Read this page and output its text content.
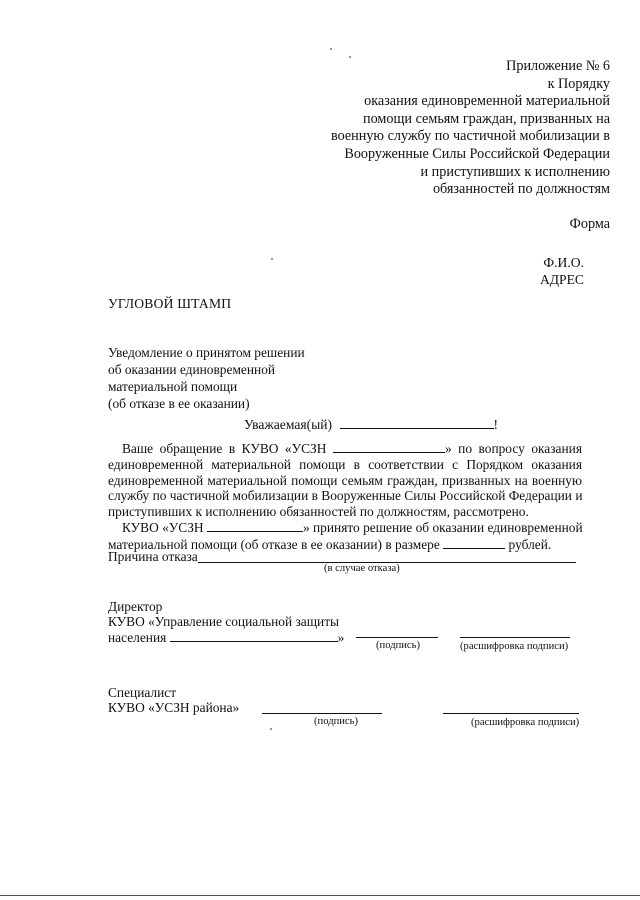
Приложение № 6
к Порядку
оказания единовременной материальной
помощи семьям граждан, призванных на
военную службу по частичной мобилизации в
Вооруженные Силы Российской Федерации
и приступивших к исполнению
обязанностей по должностям
Форма
Ф.И.О.
АДРЕС
УГЛОВОЙ ШТАМП
Уведомление о принятом решении
об оказании единовременной
материальной помощи
(об отказе в ее оказании)
Уважаемая(ый)	!
Ваше обращение в КУВО «УСЗН	» по вопросу оказания
единовременной материальной помощи в соответствии с Порядком оказания
единовременной материальной помощи семьям граждан, призванных на военную
службу по частичной мобилизации в Вооруженные Силы Российской Федерации и
приступивших к исполнению обязанностей по должностям, рассмотрено.
КУВО «УСЗН	» принято решение об оказании единовременной
материальной помощи (об отказе в ее оказании) в размере	рублей.
Причина отказа
(в случае отказа)
Директор
КУВО «Управление социальной защиты
населения	»
(подпись)	(расшифровка подписи)
Специалист
КУВО «УСЗН района»
(подпись)	(расшифровка подписи)
